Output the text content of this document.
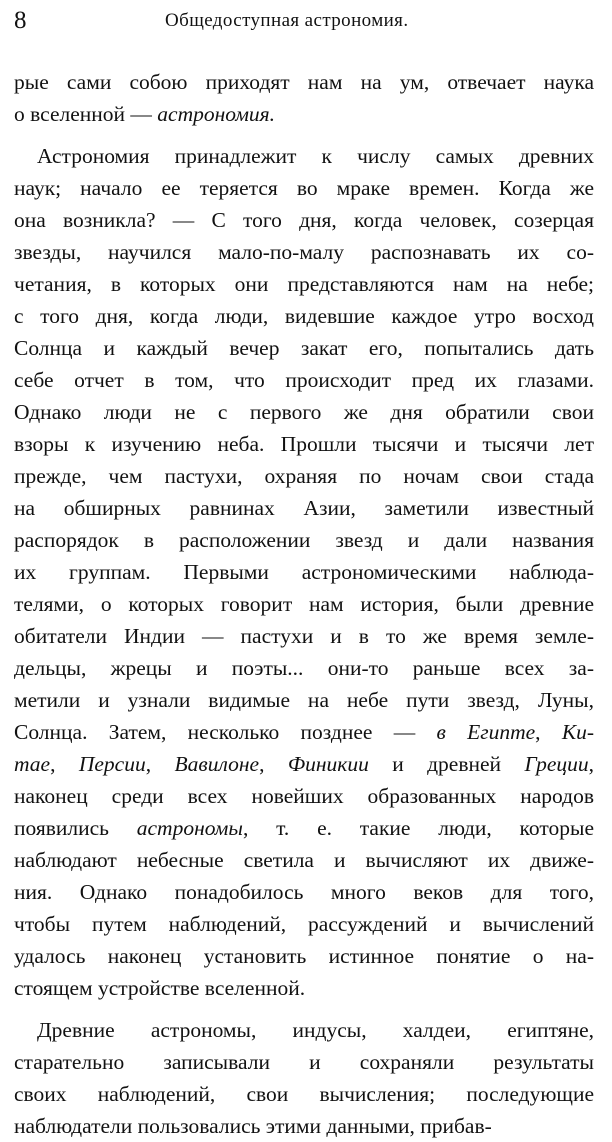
8	Общедоступная астрономия.
рые сами собою приходят нам на ум, отвечает наука
о вселенной — астрономия.
Астрономия принадлежит к числу самых древних
наук; начало ее теряется во мраке времен. Когда же
она возникла? — С того дня, когда человек, созерцая
звезды, научился мало-по-малу распознавать их со-
четания, в которых они представляются нам на небе;
с того дня, когда люди, видевшие каждое утро восход
Солнца и каждый вечер закат его, попытались дать
себе отчет в том, что происходит пред их глазами.
Однако люди не с первого же дня обратили свои
взоры к изучению неба. Прошли тысячи и тысячи лет
прежде, чем пастухи, охраняя по ночам свои стада
на обширных равнинах Азии, заметили известный
распорядок в расположении звезд и дали названия
их группам. Первыми астрономическими наблюда-
телями, о которых говорит нам история, были древние
обитатели Индии — пастухи и в то же время земле-
дельцы, жрецы и поэты... они-то раньше всех за-
метили и узнали видимые на небе пути звезд, Луны,
Солнца. Затем, несколько позднее — в Египте, Ки-
тае, Персии, Вавилоне, Финикии и древней Греции,
наконец среди всех новейших образованных народов
появились астрономы, т. е. такие люди, которые
наблюдают небесные светила и вычисляют их движе-
ния. Однако понадобилось много веков для того,
чтобы путем наблюдений, рассуждений и вычислений
удалось наконец установить истинное понятие о на-
стоящем устройстве вселенной.
Древние астрономы, индусы, халдеи, египтяне,
старательно записывали и сохраняли результаты
своих наблюдений, свои вычисления; последующие
наблюдатели пользовались этими данными, прибав-
